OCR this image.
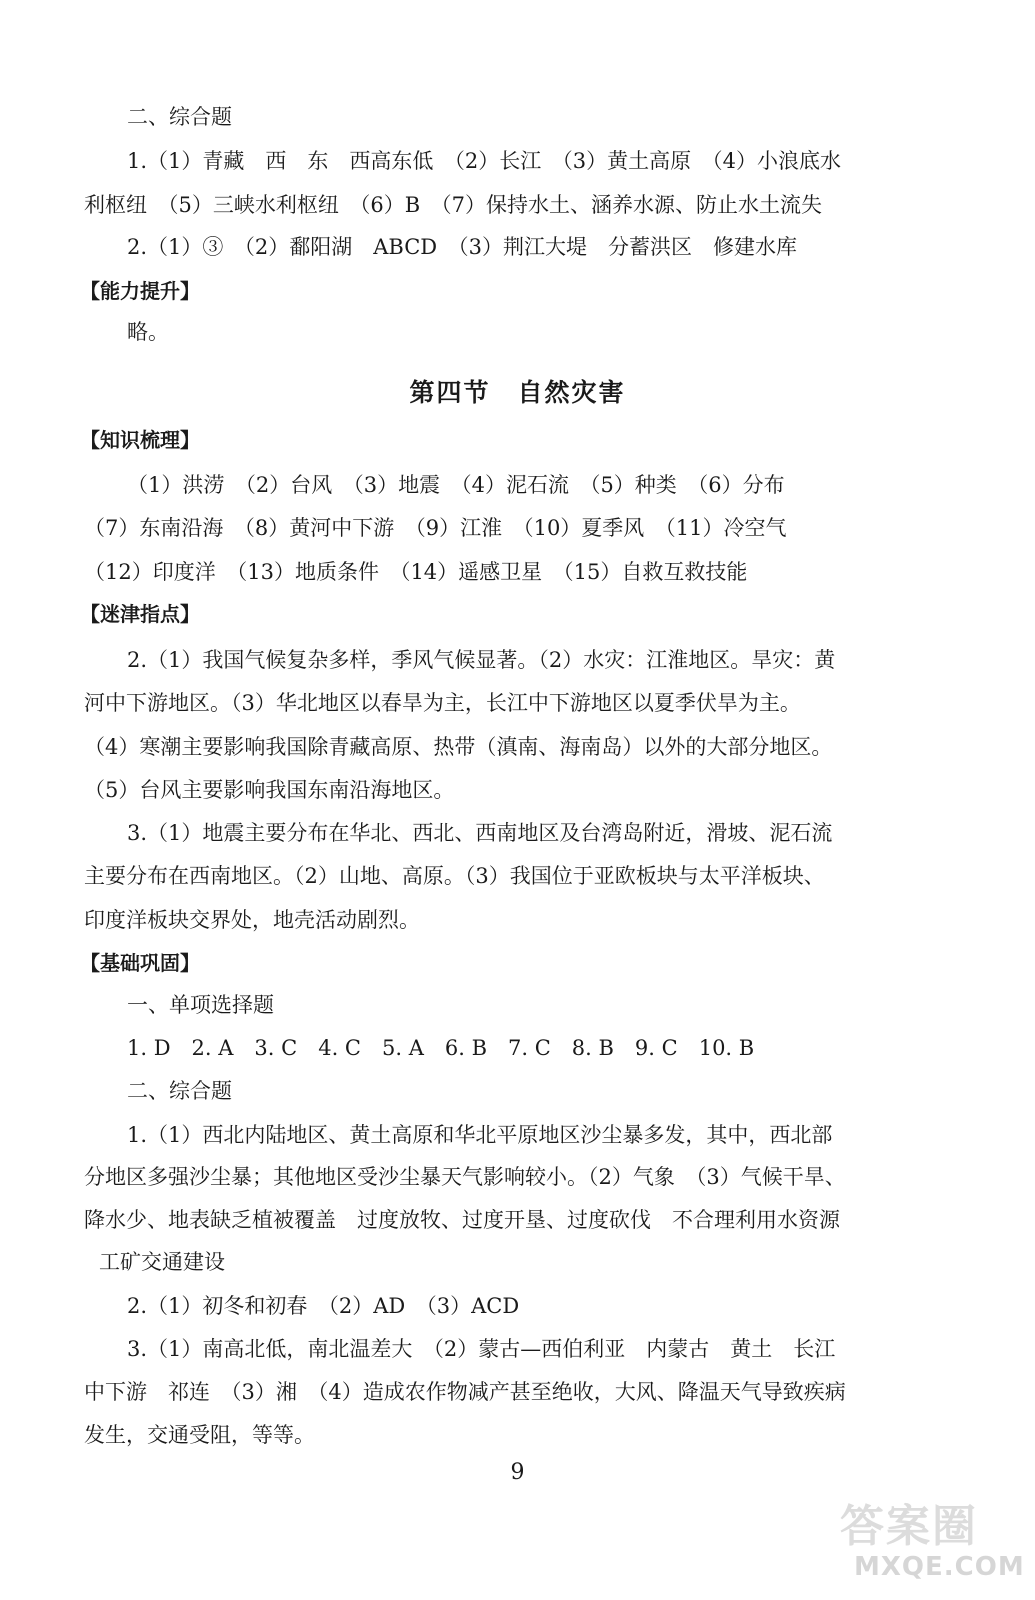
二、综合题
1.（1）青藏　西　东　西高东低　（2）长江　（3）黄土高原　（4）小浪底水
利枢纽　（5）三峡水利枢纽　（6）B　（7）保持水土、涵养水源、防止水土流失
2.（1）③　（2）鄱阳湖　ABCD　（3）荆江大堤　分蓄洪区　修建水库
【能力提升】
略。
第四节　自然灾害
【知识梳理】
（1）洪涝　（2）台风　（3）地震　（4）泥石流　（5）种类　（6）分布
（7）东南沿海　（8）黄河中下游　（9）江淮　（10）夏季风　（11）冷空气
（12）印度洋　（13）地质条件　（14）遥感卫星　（15）自救互救技能
【迷津指点】
2.（1）我国气候复杂多样，季风气候显著。（2）水灾：江淮地区。旱灾：黄
河中下游地区。（3）华北地区以春旱为主，长江中下游地区以夏季伏旱为主。
（4）寒潮主要影响我国除青藏高原、热带（滇南、海南岛）以外的大部分地区。
（5）台风主要影响我国东南沿海地区。
3.（1）地震主要分布在华北、西北、西南地区及台湾岛附近，滑坡、泥石流
主要分布在西南地区。（2）山地、高原。（3）我国位于亚欧板块与太平洋板块、
印度洋板块交界处，地壳活动剧烈。
【基础巩固】
一、单项选择题
1. D　2. A　3. C　4. C　5. A　6. B　7. C　8. B　9. C　10. B
二、综合题
1.（1）西北内陆地区、黄土高原和华北平原地区沙尘暴多发，其中，西北部
分地区多强沙尘暴；其他地区受沙尘暴天气影响较小。（2）气象　（3）气候干旱、
降水少、地表缺乏植被覆盖　过度放牧、过度开垦、过度砍伐　不合理利用水资源
工矿交通建设
2.（1）初冬和初春　（2）AD　（3）ACD
3.（1）南高北低，南北温差大　（2）蒙古—西伯利亚　内蒙古　黄土　长江
中下游　祁连　（3）湘　（4）造成农作物减产甚至绝收，大风、降温天气导致疾病
发生，交通受阻，等等。
9
答案圈
MXQE.COM
